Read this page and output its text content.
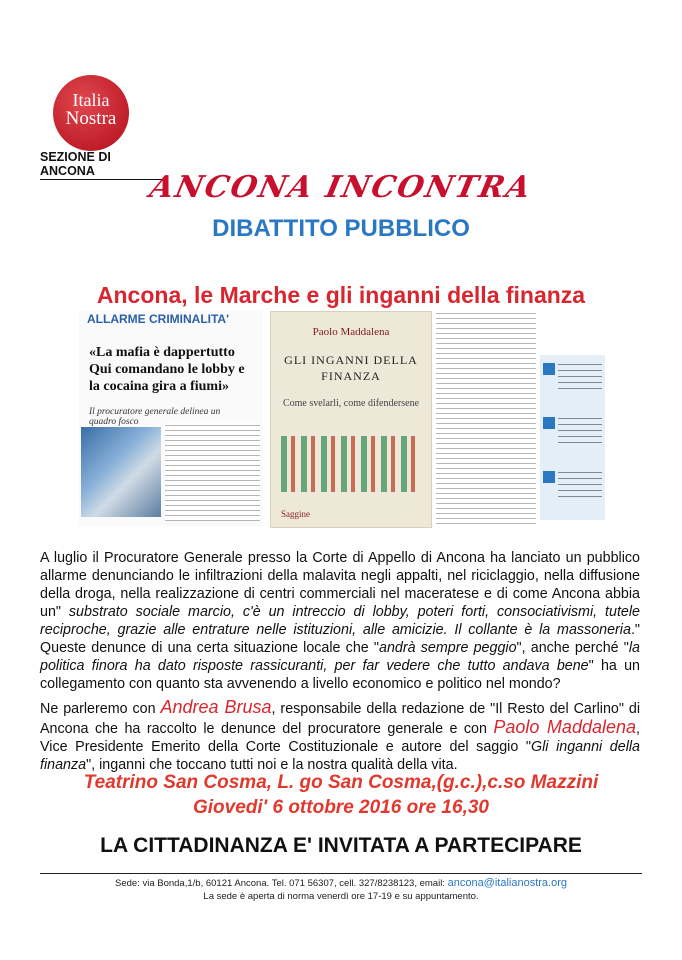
Italia
Nostra
SEZIONE DI ANCONA	ANCONA INCONTRA
DIBATTITO PUBBLICO
Ancona, le Marche e gli inganni della finanza
ALLARME CRIMINALITA'
«La mafia è dappertutto Qui comandano le lobby e la cocaina gira a fiumi»
Il procuratore generale delinea un quadro fosco
Paolo Maddalena
GLI INGANNI DELLA FINANZA
Come svelarli, come difendersene
Saggine

A luglio il Procuratore Generale presso la Corte di Appello di Ancona ha lanciato un pubblico allarme denunciando le infiltrazioni della malavita negli appalti, nel riciclaggio, nella diffusione della droga, nella realizzazione di centri commerciali nel maceratese e di come Ancona abbia un" substrato sociale marcio, c'è un intreccio di lobby, poteri forti, consociativismi, tutele reciproche, grazie alle entrature nelle istituzioni, alle amicizie. Il collante è la massoneria." Queste denunce di una certa situazione locale che "andrà sempre peggio", anche perché "la politica finora ha dato risposte rassicuranti, per far vedere che tutto andava bene" ha un collegamento con quanto sta avvenendo a livello economico e politico nel mondo?

Ne parleremo con Andrea Brusa, responsabile della redazione de "Il Resto del Carlino" di Ancona che ha raccolto le denunce del procuratore generale e con Paolo Maddalena, Vice Presidente Emerito della Corte Costituzionale e autore del saggio "Gli inganni della finanza", inganni che toccano tutti noi e la nostra qualità della vita.

Teatrino San Cosma, L. go San Cosma,(g.c.),c.so Mazzini
Giovedi' 6 ottobre 2016 ore 16,30
LA CITTADINANZA E' INVITATA A PARTECIPARE
Sede: via Bonda,1/b, 60121 Ancona. Tel. 071 56307, cell. 327/8238123, email: ancona@italianostra.org
La sede è aperta di norma venerdì ore 17-19 e su appuntamento.
